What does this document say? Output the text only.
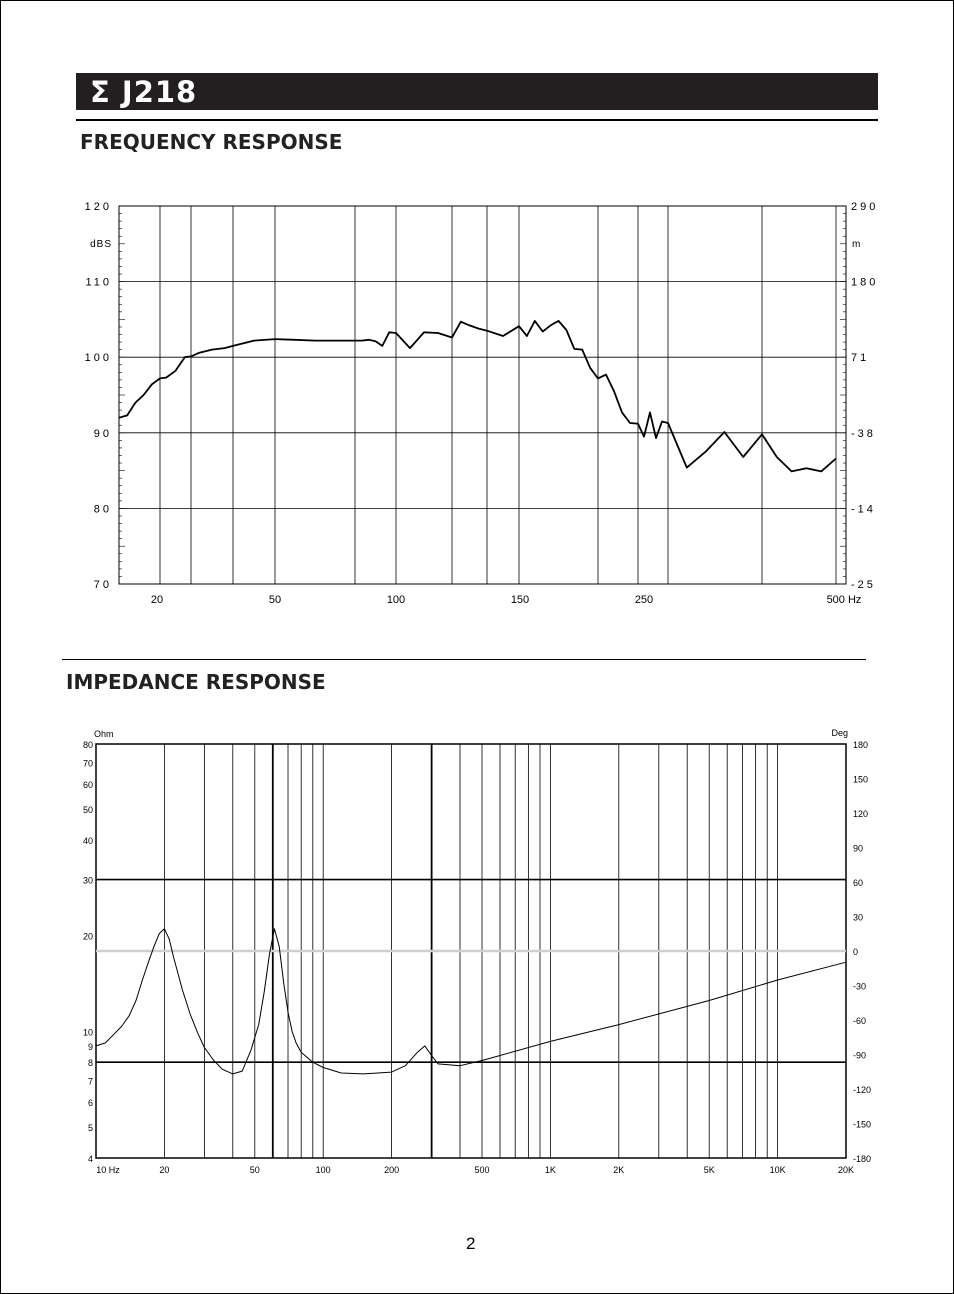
Σ J218
FREQUENCY RESPONSE
120
110
100
90
80
70
dBS
290
180
71
-38
-14
-25
m
20	50	100	150	250	500 Hz
IMPEDANCE RESPONSE
80
70
60
50
40
30
20
10
9
8
7
6
5
4
Ohm
180
150
120
90
60
30
0
-30
-60
-90
-120
-150
-180
Deg
10 Hz	20	50	100	200	500	1K	2K	5K	10K	20K
2
